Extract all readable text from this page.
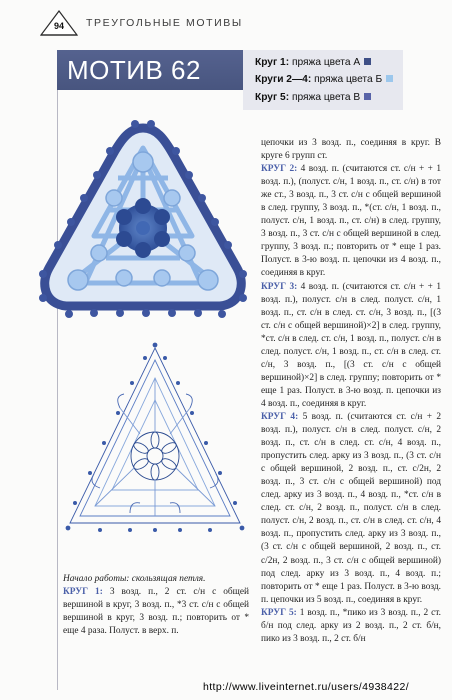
94	ТРЕУГОЛЬНЫЕ МОТИВЫ
МОТИВ 62	Круг 1: пряжа цвета А
Круги 2—4: пряжа цвета Б
Круг 5: пряжа цвета В

Начало работы: скользящая петля.

КРУГ 1: 3 возд. п., 2 ст. с/н с общей вершиной в круг, 3 возд. п., *3 ст. с/н с общей вершиной в круг, 3 возд. п.; повторить от * еще 4 раза. Полуст. в верх. п.

цепочки из 3 возд. п., соединяя в круг. В круге 6 групп ст.

КРУГ 2: 4 возд. п. (считаются ст. с/н + + 1 возд. п.), (полуст. с/н, 1 возд. п., ст. с/н) в тот же ст., 3 возд. п., 3 ст. с/н с общей вершиной в след. группу, 3 возд. п., *(ст. с/н, 1 возд. п., полуст. с/н, 1 возд. п., ст. с/н) в след. группу, 3 возд. п., 3 ст. с/н с общей вершиной в след. группу, 3 возд. п.; повторить от * еще 1 раз. Полуст. в 3-ю возд. п. цепочки из 4 возд. п., соединяя в круг.

КРУГ 3: 4 возд. п. (считаются ст. с/н + + 1 возд. п.), полуст. с/н в след. полуст. с/н, 1 возд. п., ст. с/н в след. ст. с/н, 3 возд. п., [(3 ст. с/н с общей вершиной)×2] в след. группу, *ст. с/н в след. ст. с/н, 1 возд. п., полуст. с/н в след. полуст. с/н, 1 возд. п., ст. с/н в след. ст. с/н, 3 возд. п., [(3 ст. с/н с общей вершиной)×2] в след. группу; повторить от * еще 1 раз. Полуст. в 3-ю возд. п. цепочки из 4 возд. п., соединяя в круг.

КРУГ 4: 5 возд. п. (считаются ст. с/н + 2 возд. п.), полуст. с/н в след. полуст. с/н, 2 возд. п., ст. с/н в след. ст. с/н, 4 возд. п., пропустить след. арку из 3 возд. п., (3 ст. с/н с общей вершиной, 2 возд. п., ст. с/2н, 2 возд. п., 3 ст. с/н с общей вершиной) под след. арку из 3 возд. п., 4 возд. п., *ст. с/н в след. ст. с/н, 2 возд. п., полуст. с/н в след. полуст. с/н, 2 возд. п., ст. с/н в след. ст. с/н, 4 возд. п., пропустить след. арку из 3 возд. п., (3 ст. с/н с общей вершиной, 2 возд. п., ст. с/2н, 2 возд. п., 3 ст. с/н с общей вершиной) под след. арку из 3 возд. п., 4 возд. п.; повторить от * еще 1 раз. Полуст. в 3-ю возд. п. цепочки из 5 возд. п., соединяя в круг.

КРУГ 5: 1 возд. п., *пико из 3 возд. п., 2 ст. б/н под след. арку из 2 возд. п., 2 ст. б/н, пико из 3 возд. п., 2 ст. б/н

http://www.liveinternet.ru/users/4938422/
